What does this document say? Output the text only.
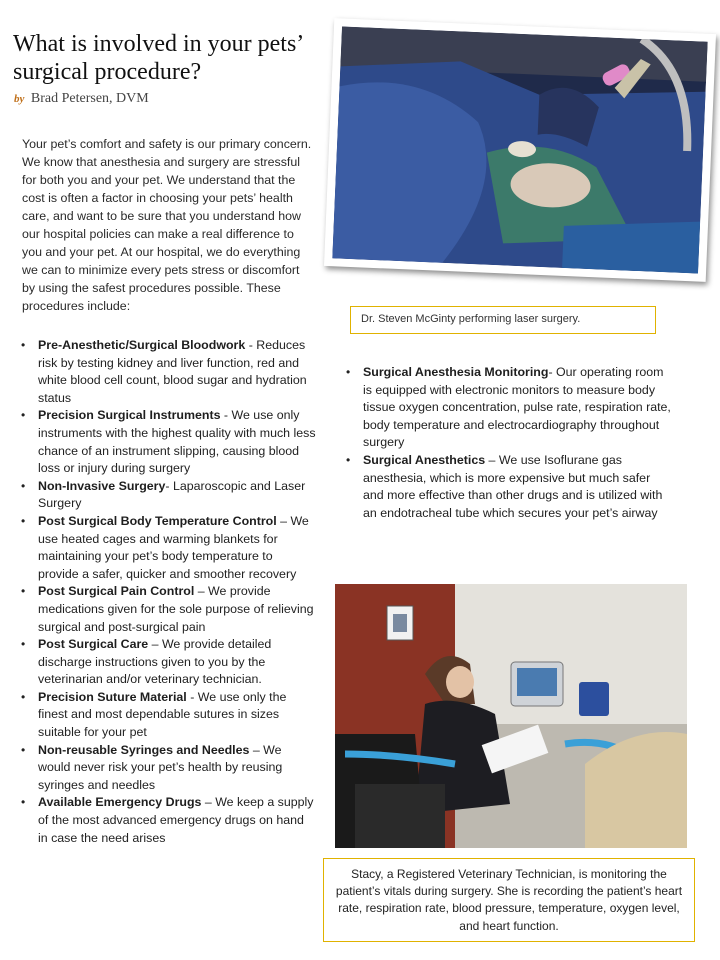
What is involved in your pets’ surgical procedure?
by Brad Petersen, DVM

Your pet’s comfort and safety is our primary concern. We know that anesthesia and surgery are stressful for both you and your pet. We understand that the cost is often a factor in choosing your pets’ health care, and want to be sure that you understand how our hospital policies can make a real difference to you and your pet. At our hospital, we do everything we can to minimize every pets stress or discomfort by using the safest procedures possible. These procedures include:

• Pre-Anesthetic/Surgical Bloodwork - Reduces risk by testing kidney and liver function, red and white blood cell count, blood sugar and hydration status
• Precision Surgical Instruments - We use only instruments with the highest quality with much less chance of an instrument slipping, causing blood loss or injury during surgery
• Non-Invasive Surgery- Laparoscopic and Laser Surgery
• Post Surgical Body Temperature Control – We use heated cages and warming blankets for maintaining your pet’s body temperature to provide a safer, quicker and smoother recovery
• Post Surgical Pain Control – We provide medications given for the sole purpose of relieving surgical and post-surgical pain
• Post Surgical Care – We provide detailed discharge instructions given to you by the veterinarian and/or veterinary technician.
• Precision Suture Material - We use only the finest and most dependable sutures in sizes suitable for your pet
• Non-reusable Syringes and Needles – We would never risk your pet’s health by reusing syringes and needles
• Available Emergency Drugs – We keep a supply of the most advanced emergency drugs on hand in case the need arises
• Surgical Anesthesia Monitoring- Our operating room is equipped with electronic monitors to measure body tissue oxygen concentration, pulse rate, respiration rate, body temperature and electrocardiography throughout surgery
• Surgical Anesthetics – We use Isoflurane gas anesthesia, which is more expensive but much safer and more effective than other drugs and is utilized with an endotracheal tube which secures your pet’s airway
Dr. Steven McGinty performing laser surgery.
Stacy, a Registered Veterinary Technician, is monitoring the patient’s vitals during surgery. She is recording the patient’s heart rate, respiration rate, blood pressure, temperature, oxygen level, and heart function.
